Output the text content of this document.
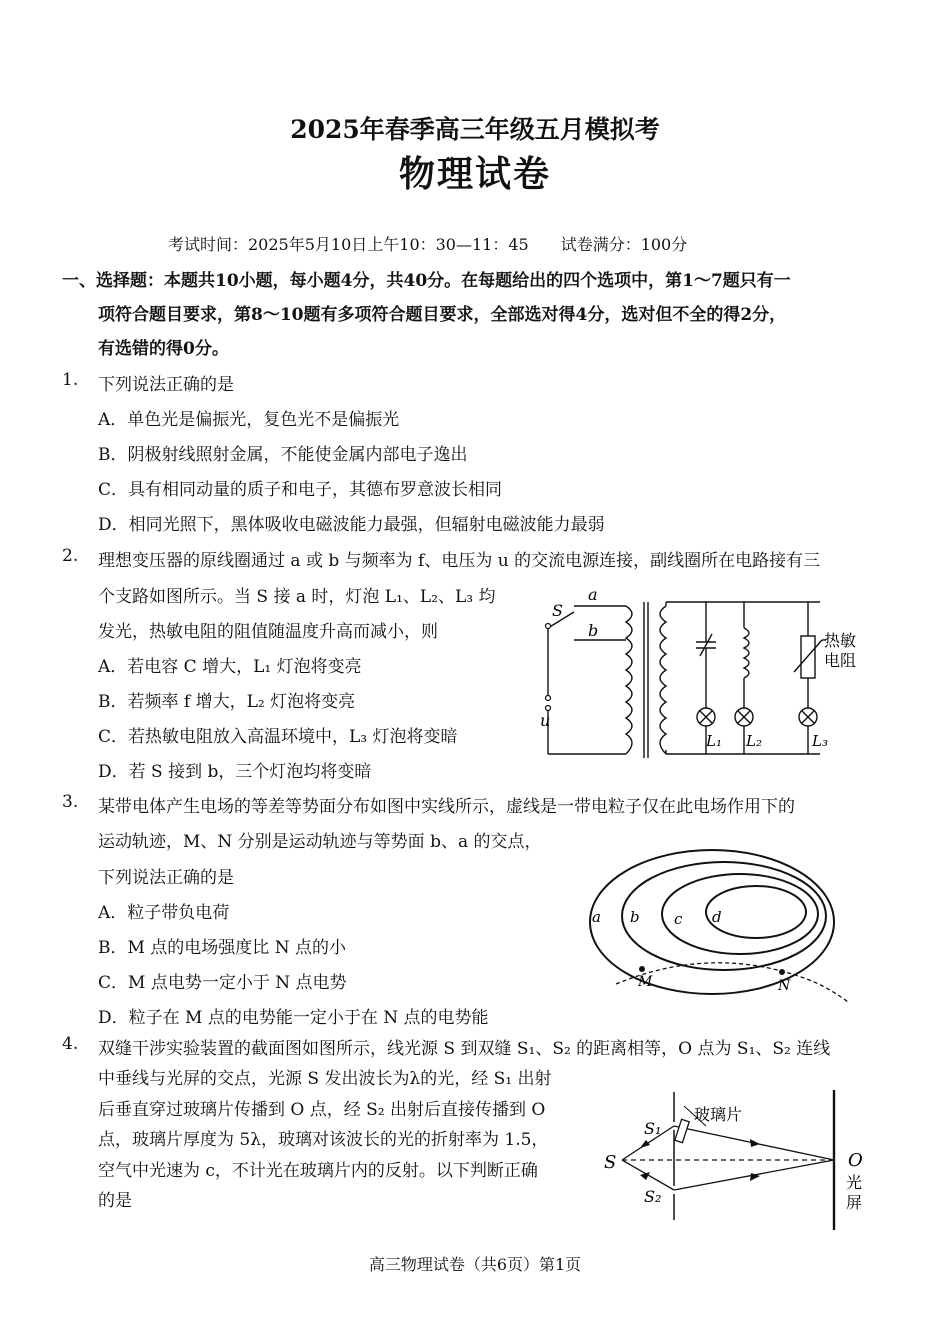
2025年春季高三年级五月模拟考
物理试卷
考试时间：2025年5月10日上午10：30—11：45　　试卷满分：100分
一、选择题：本题共10小题，每小题4分，共40分。在每题给出的四个选项中，第1～7题只有一
项符合题目要求，第8～10题有多项符合题目要求，全部选对得4分，选对但不全的得2分，
有选错的得0分。
1. 下列说法正确的是
A．单色光是偏振光，复色光不是偏振光
B．阴极射线照射金属，不能使金属内部电子逸出
C．具有相同动量的质子和电子，其德布罗意波长相同
D．相同光照下，黑体吸收电磁波能力最强，但辐射电磁波能力最弱
2. 理想变压器的原线圈通过 a 或 b 与频率为 f、电压为 u 的交流电源连接，副线圈所在电路接有三
个支路如图所示。当 S 接 a 时，灯泡 L₁、L₂、L₃ 均
发光，热敏电阻的阻值随温度升高而减小，则
A．若电容 C 增大，L₁ 灯泡将变亮
B．若频率 f 增大，L₂ 灯泡将变亮
C．若热敏电阻放入高温环境中，L₃ 灯泡将变暗
D．若 S 接到 b，三个灯泡均将变暗
S
a
b
u
热敏
电阻
L₁ L₂	L₃
3. 某带电体产生电场的等差等势面分布如图中实线所示，虚线是一带电粒子仅在此电场作用下的
运动轨迹，M、N 分别是运动轨迹与等势面 b、a 的交点，
下列说法正确的是
A．粒子带负电荷
B．M 点的电场强度比 N 点的小
C．M 点电势一定小于 N 点电势
D．粒子在 M 点的电势能一定小于在 N 点的电势能
a b c d
M	N
4. 双缝干涉实验装置的截面图如图所示，线光源 S 到双缝 S₁、S₂ 的距离相等，O 点为 S₁、S₂ 连线
中垂线与光屏的交点，光源 S 发出波长为λ的光，经 S₁ 出射
后垂直穿过玻璃片传播到 O 点，经 S₂ 出射后直接传播到 O
点，玻璃片厚度为 5λ，玻璃对该波长的光的折射率为 1.5，
空气中光速为 c，不计光在玻璃片内的反射。以下判断正确
的是
玻璃片
S₁
S
S₂
O
光
屏
高三物理试卷（共6页）第1页
